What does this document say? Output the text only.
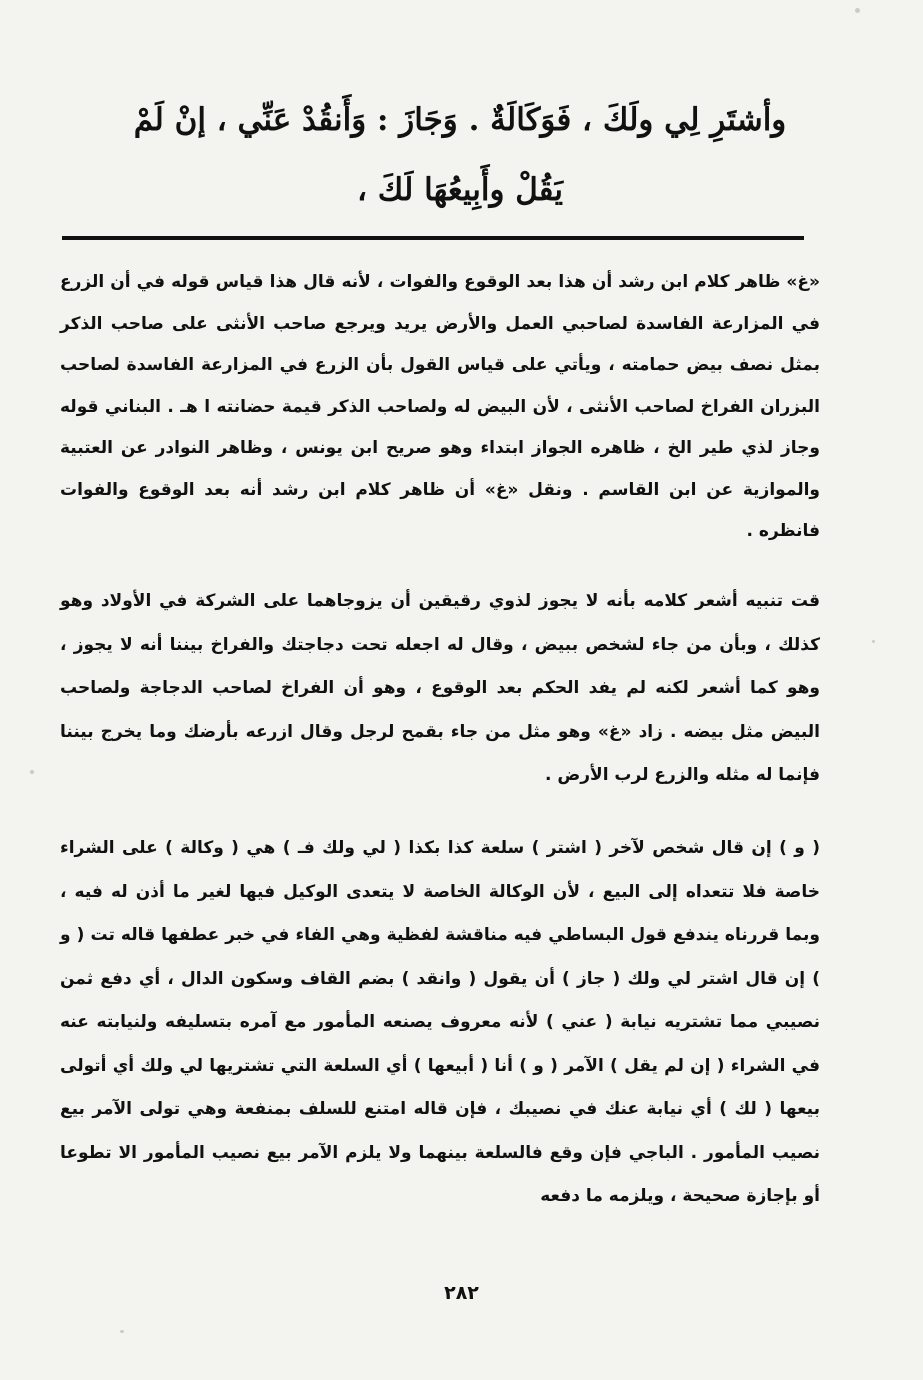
وأشتَرِ لِي ولَكَ ، فَوَكَالَةٌ . وَجَازَ : وَأَنقُدْ عَنِّي ، إنْ لَمْ
يَقُلْ وأَبِيعُهَا لَكَ ،
«غ» ظاهر كلام ابن رشد أن هذا بعد الوقوع والفوات ، لأنه قال هذا قياس قوله في أن الزرع في المزارعة الفاسدة لصاحبي العمل والأرض يريد ويرجع صاحب الأنثى على صاحب الذكر بمثل نصف بيض حمامته ، ويأتي على قياس القول بأن الزرع في المزارعة الفاسدة لصاحب البزران الفراخ لصاحب الأنثى ، لأن البيض له ولصاحب الذكر قيمة حضانته ا هـ . البناني قوله وجاز لذي طير الخ ، ظاهره الجواز ابتداء وهو صريح ابن يونس ، وظاهر النوادر عن العتبية والموازية عن ابن القاسم . ونقل «غ» أن ظاهر كلام ابن رشد أنه بعد الوقوع والفوات فانظره .
قت تنبيه أشعر كلامه بأنه لا يجوز لذوي رقيقين أن يزوجاهما على الشركة في الأولاد وهو كذلك ، وبأن من جاء لشخص ببيض ، وقال له اجعله تحت دجاجتك والفراخ بيننا أنه لا يجوز ، وهو كما أشعر لكنه لم يفد الحكم بعد الوقوع ، وهو أن الفراخ لصاحب الدجاجة ولصاحب البيض مثل بيضه . زاد «غ» وهو مثل من جاء بقمح لرجل وقال ازرعه بأرضك وما يخرج بيننا فإنما له مثله والزرع لرب الأرض .
( و ) إن قال شخص لآخر ( اشتر ) سلعة كذا بكذا ( لي ولك فـ ) هي ( وكالة ) على الشراء خاصة فلا تتعداه إلى البيع ، لأن الوكالة الخاصة لا يتعدى الوكيل فيها لغير ما أذن له فيه ، وبما قررناه يندفع قول البساطي فيه مناقشة لفظية وهي الفاء في خبر عطفها قاله تت ( و ) إن قال اشتر لي ولك ( جاز ) أن يقول ( وانقد ) بضم القاف وسكون الدال ، أي دفع ثمن نصيبي مما تشتريه نيابة ( عني ) لأنه معروف يصنعه المأمور مع آمره بتسليفه ولنيابته عنه في الشراء ( إن لم يقل ) الآمر ( و ) أنا ( أبيعها ) أي السلعة التي تشتريها لي ولك أي أتولى بيعها ( لك ) أي نيابة عنك في نصيبك ، فإن قاله امتنع للسلف بمنفعة وهي تولى الآمر بيع نصيب المأمور . الباجي فإن وقع فالسلعة بينهما ولا يلزم الآمر بيع نصيب المأمور الا تطوعا أو بإجازة صحيحة ، ويلزمه ما دفعه
٢٨٢
